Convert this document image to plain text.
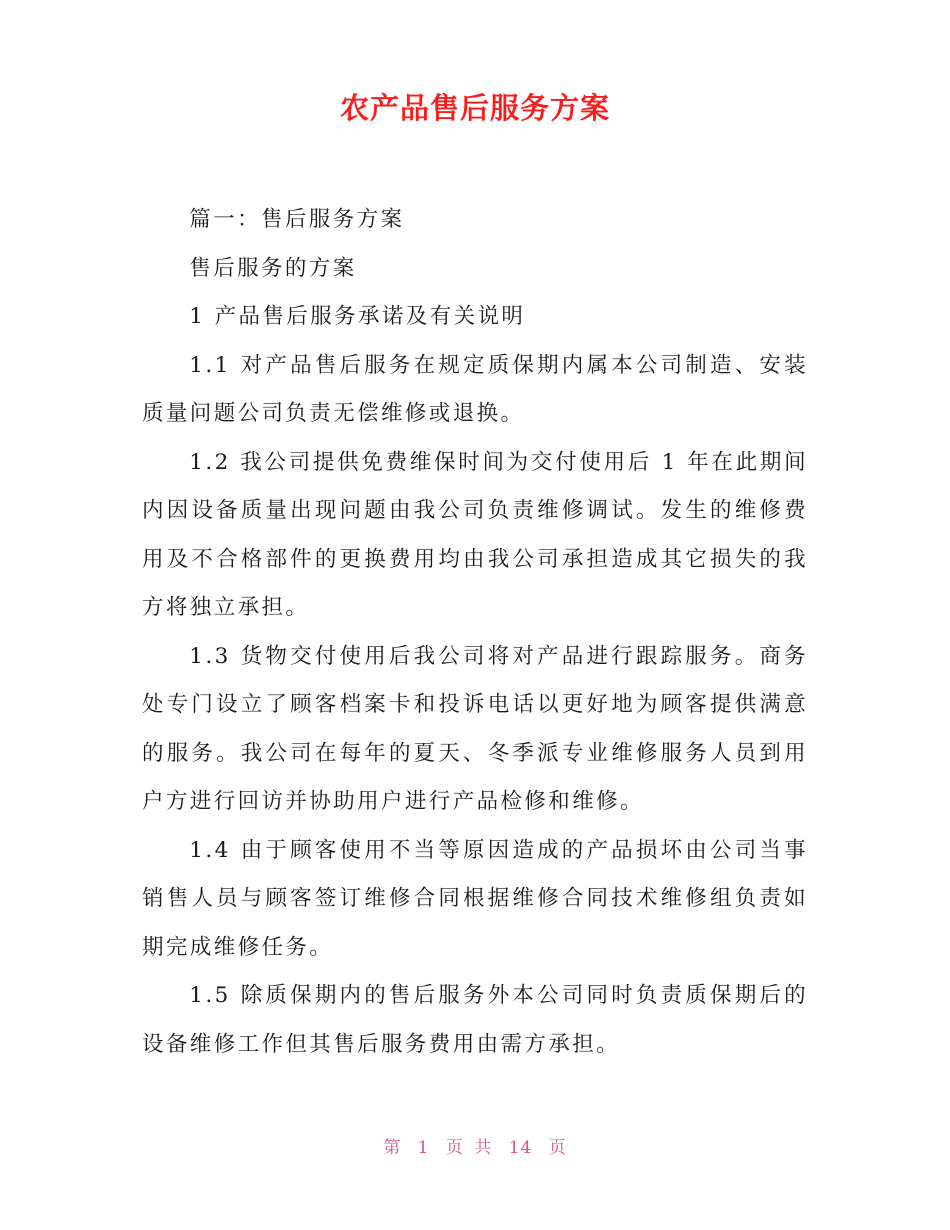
农产品售后服务方案

篇一：售后服务方案

售后服务的方案

1 产品售后服务承诺及有关说明

1.1 对产品售后服务在规定质保期内属本公司制造、安装质量问题公司负责无偿维修或退换。

1.2 我公司提供免费维保时间为交付使用后 1 年在此期间内因设备质量出现问题由我公司负责维修调试。发生的维修费用及不合格部件的更换费用均由我公司承担造成其它损失的我方将独立承担。

1.3 货物交付使用后我公司将对产品进行跟踪服务。商务处专门设立了顾客档案卡和投诉电话以更好地为顾客提供满意的服务。我公司在每年的夏天、冬季派专业维修服务人员到用户方进行回访并协助用户进行产品检修和维修。

1.4 由于顾客使用不当等原因造成的产品损坏由公司当事销售人员与顾客签订维修合同根据维修合同技术维修组负责如期完成维修任务。

1.5 除质保期内的售后服务外本公司同时负责质保期后的设备维修工作但其售后服务费用由需方承担。

第 1 页 共 14 页
